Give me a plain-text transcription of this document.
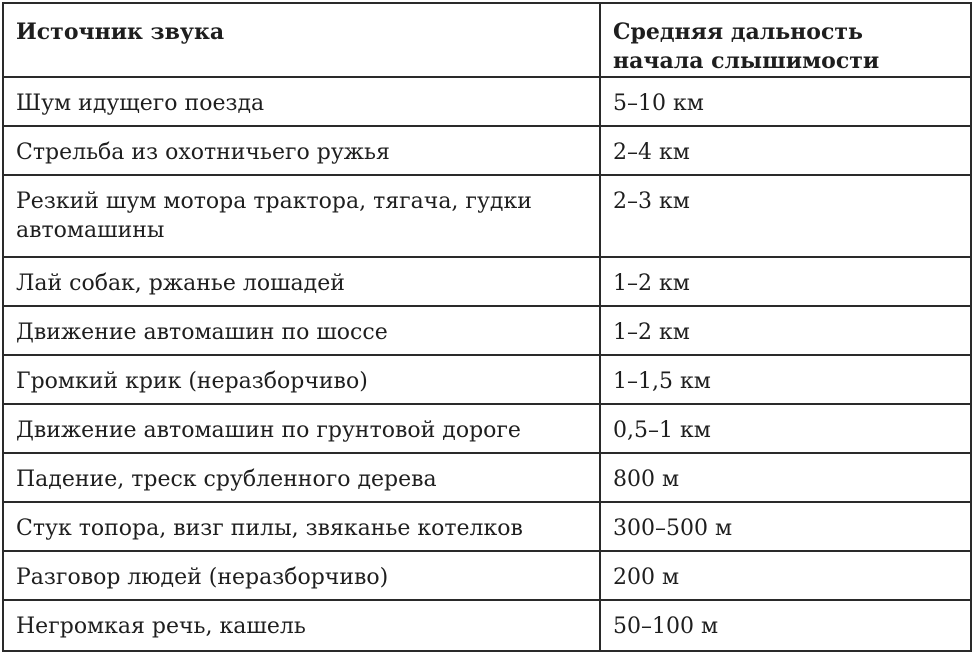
Источник звука	Средняя дальность начала слышимости
Шум идущего поезда	5–10 км
Стрельба из охотничьего ружья	2–4 км
Резкий шум мотора трактора, тягача, гудки автомашины	2–3 км
Лай собак, ржанье лошадей	1–2 км
Движение автомашин по шоссе	1–2 км
Громкий крик (неразборчиво)	1–1,5 км
Движение автомашин по грунтовой дороге	0,5–1 км
Падение, треск срубленного дерева	800 м
Стук топора, визг пилы, звяканье котелков	300–500 м
Разговор людей (неразборчиво)	200 м
Негромкая речь, кашель	50–100 м
